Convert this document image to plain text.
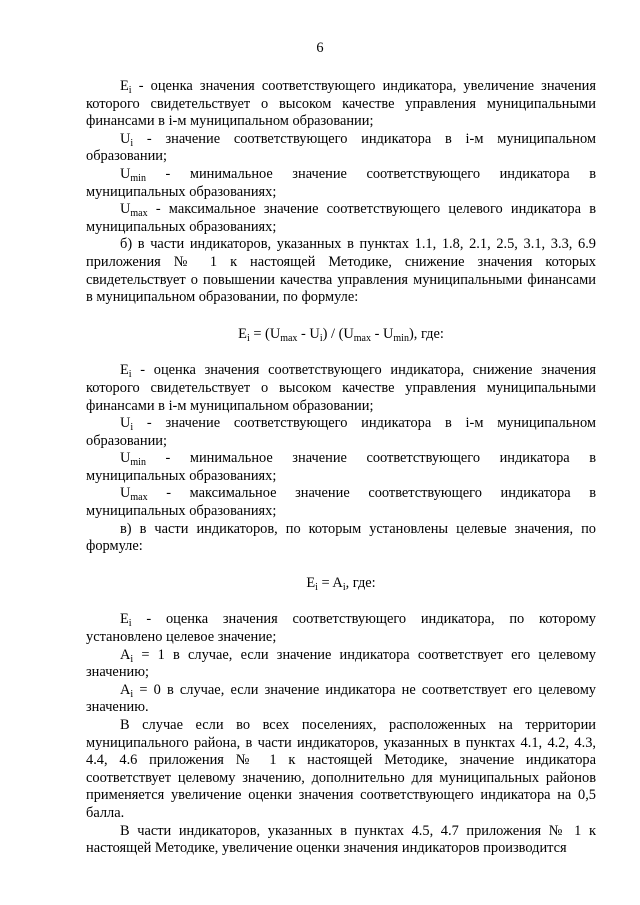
6

$E_i$ - оценка значения соответствующего индикатора, увеличение значения которого свидетельствует о высоком качестве управления муниципальными финансами в i-м муниципальном образовании;

$U_i$ - значение соответствующего индикатора в i-м муниципальном образовании;

$U_{min}$ - минимальное значение соответствующего индикатора в муниципальных образованиях;

$U_{max}$ - максимальное значение соответствующего целевого индикатора в муниципальных образованиях;

б) в части индикаторов, указанных в пунктах 1.1, 1.8, 2.1, 2.5, 3.1, 3.3, 6.9 приложения № 1 к настоящей Методике, снижение значения которых свидетельствует о повышении качества управления муниципальными финансами в муниципальном образовании, по формуле:

$E_i = (U_{max} - U_i) / (U_{max} - U_{min})$, где:

$E_i$ - оценка значения соответствующего индикатора, снижение значения которого свидетельствует о высоком качестве управления муниципальными финансами в i-м муниципальном образовании;

$U_i$ - значение соответствующего индикатора в i-м муниципальном образовании;

$U_{min}$ - минимальное значение соответствующего индикатора в муниципальных образованиях;

$U_{max}$ - максимальное значение соответствующего индикатора в муниципальных образованиях;

в) в части индикаторов, по которым установлены целевые значения, по формуле:

$E_i = A_i$, где:

$E_i$ - оценка значения соответствующего индикатора, по которому установлено целевое значение;

$A_i = 1$ в случае, если значение индикатора соответствует его целевому значению;

$A_i = 0$ в случае, если значение индикатора не соответствует его целевому значению.

В случае если во всех поселениях, расположенных на территории муниципального района, в части индикаторов, указанных в пунктах 4.1, 4.2, 4.3, 4.4, 4.6 приложения № 1 к настоящей Методике, значение индикатора соответствует целевому значению, дополнительно для муниципальных районов применяется увеличение оценки значения соответствующего индикатора на 0,5 балла.

В части индикаторов, указанных в пунктах 4.5, 4.7 приложения № 1 к настоящей Методике, увеличение оценки значения индикаторов производится
